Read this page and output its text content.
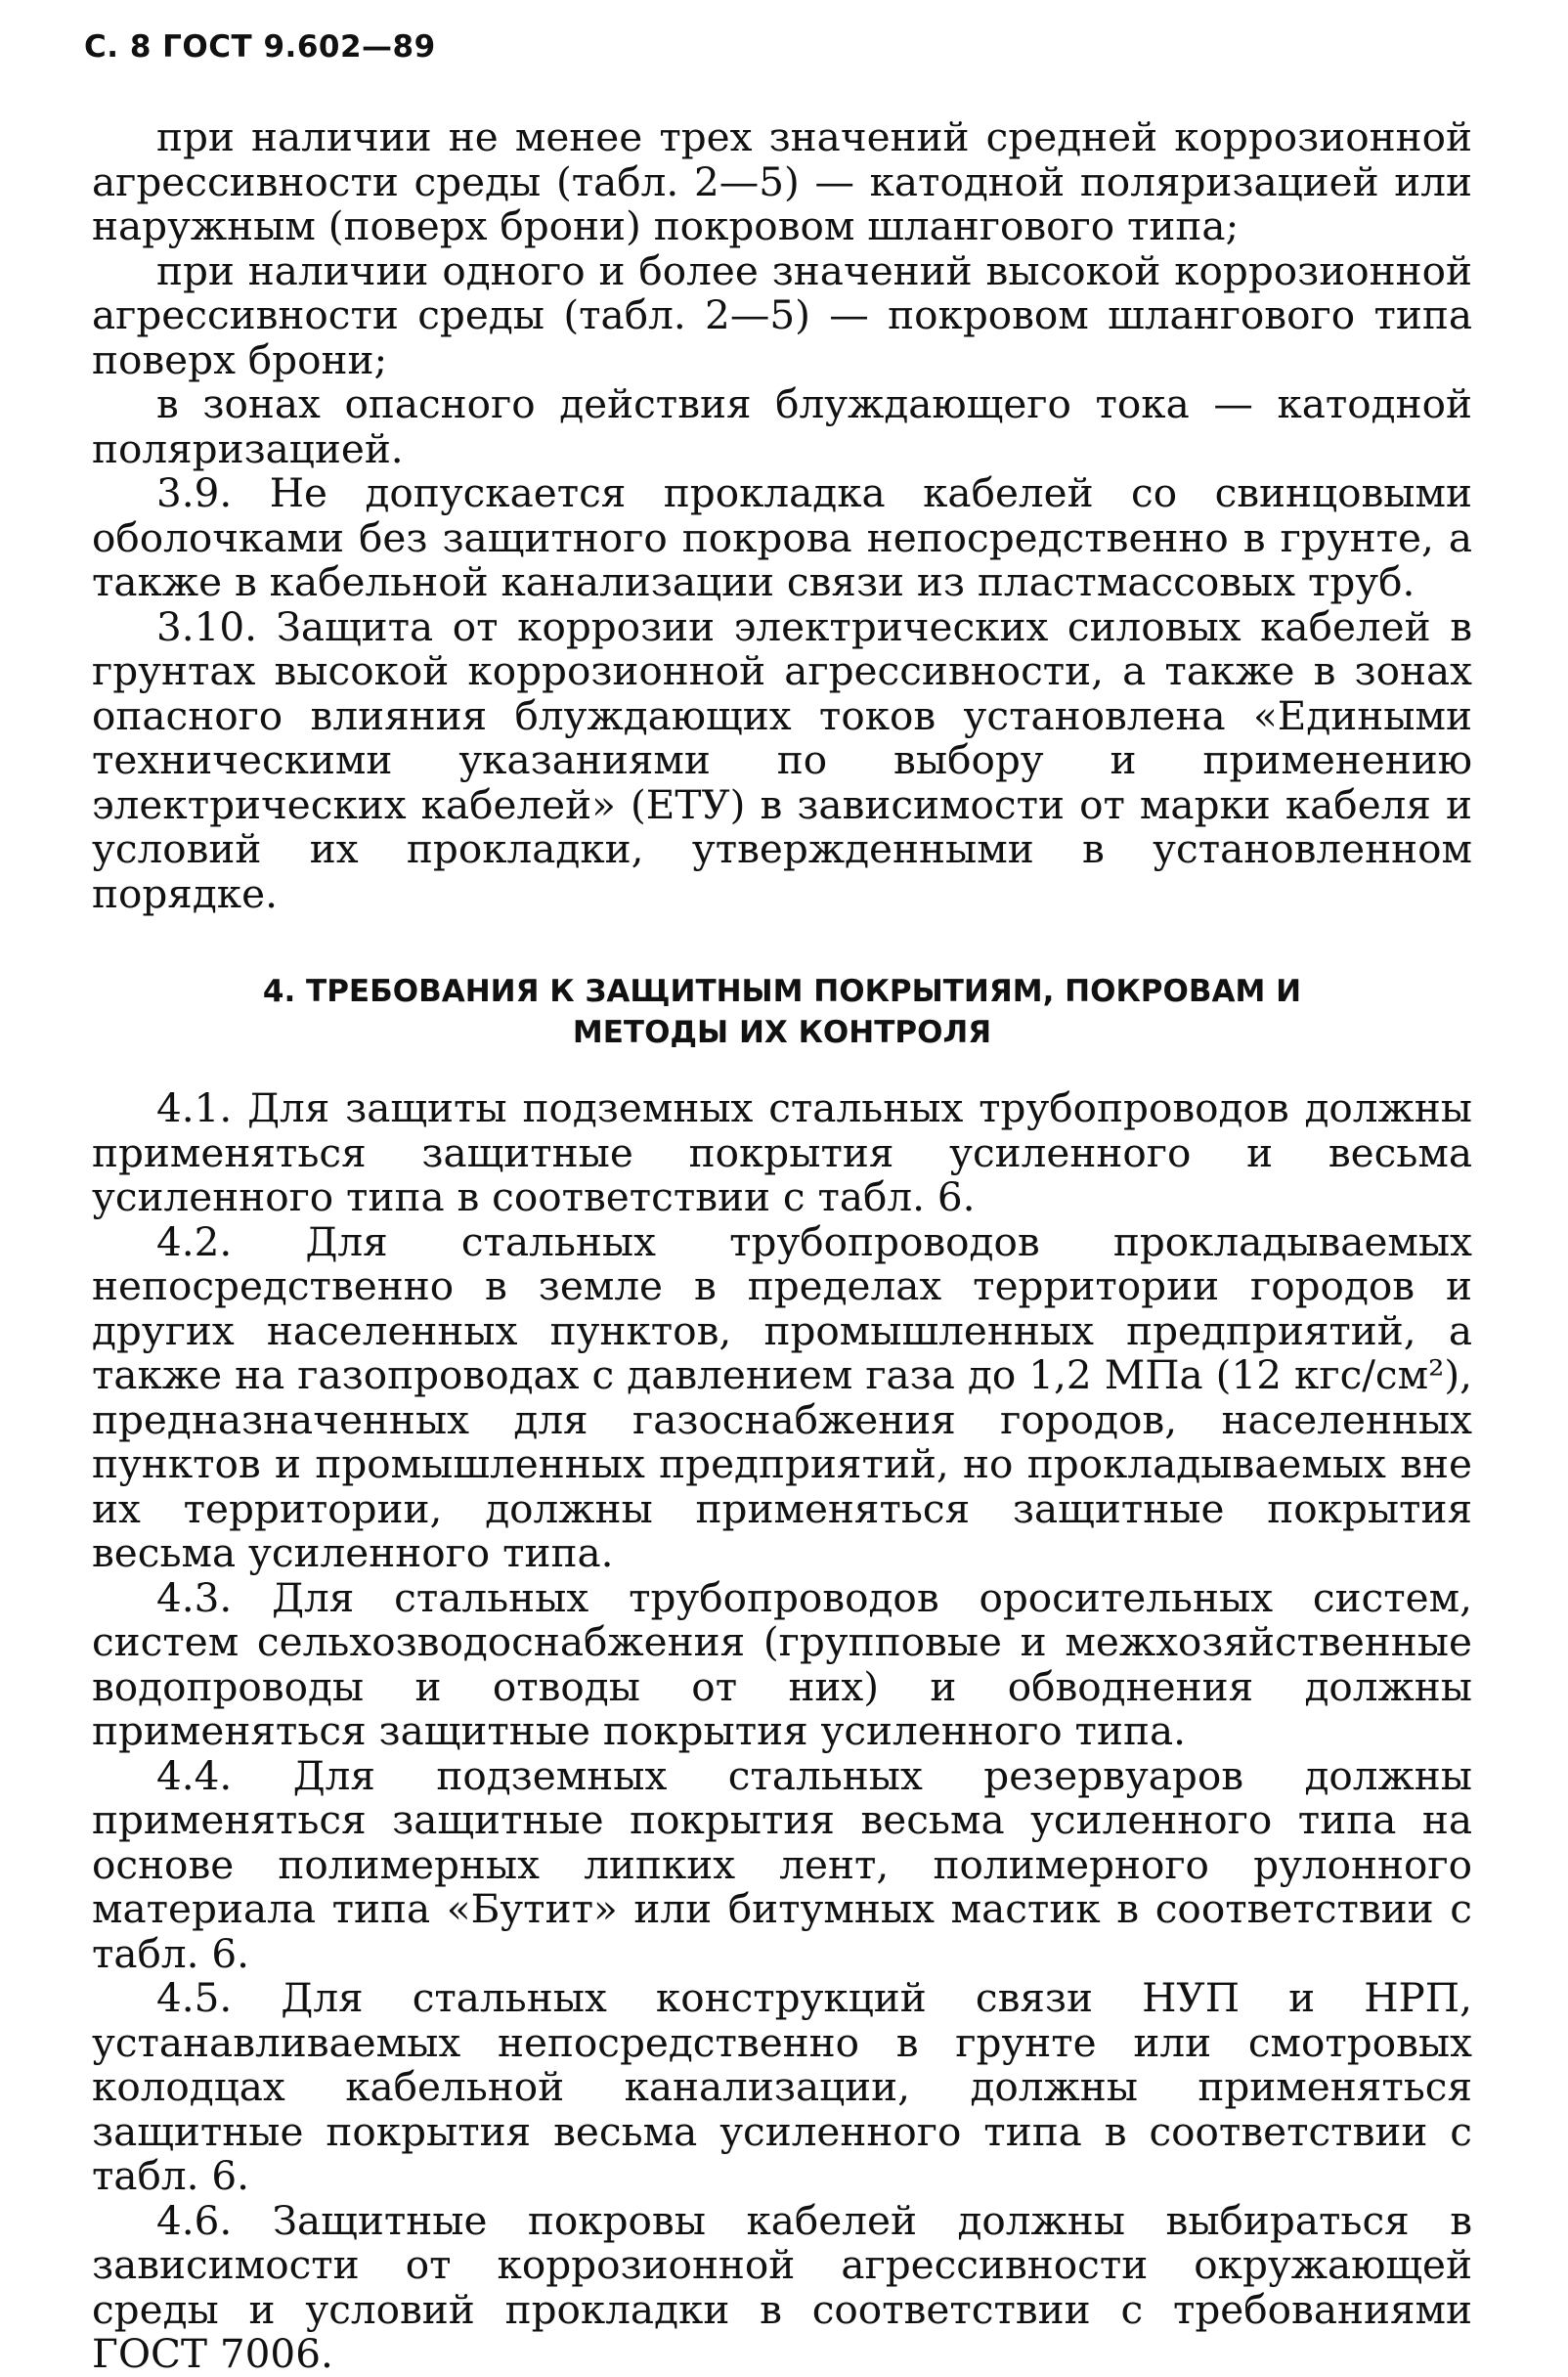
С. 8 ГОСТ 9.602—89

при наличии не менее трех значений средней коррозионной агрессивности среды (табл. 2—5) — катодной поляризацией или наружным (поверх брони) покровом шлангового типа;

при наличии одного и более значений высокой коррозионной агрессивности среды (табл. 2—5) — покровом шлангового типа поверх брони;

в зонах опасного действия блуждающего тока — катодной поляризацией.

3.9. Не допускается прокладка кабелей со свинцовыми оболочками без защитного покрова непосредственно в грунте, а также в кабельной канализации связи из пластмассовых труб.

3.10. Защита от коррозии электрических силовых кабелей в грунтах высокой коррозионной агрессивности, а также в зонах опасного влияния блуждающих токов установлена «Едиными техническими указаниями по выбору и применению электрических кабелей» (ЕТУ) в зависимости от марки кабеля и условий их прокладки, утвержденными в установленном порядке.

4. ТРЕБОВАНИЯ К ЗАЩИТНЫМ ПОКРЫТИЯМ, ПОКРОВАМ И МЕТОДЫ ИХ КОНТРОЛЯ

4.1. Для защиты подземных стальных трубопроводов должны применяться защитные покрытия усиленного и весьма усиленного типа в соответствии с табл. 6.

4.2. Для стальных трубопроводов прокладываемых непосредственно в земле в пределах территории городов и других населенных пунктов, промышленных предприятий, а также на газопроводах с давлением газа до 1,2 МПа (12 кгс/см²), предназначенных для газоснабжения городов, населенных пунктов и промышленных предприятий, но прокладываемых вне их территории, должны применяться защитные покрытия весьма усиленного типа.

4.3. Для стальных трубопроводов оросительных систем, систем сельхозводоснабжения (групповые и межхозяйственные водопроводы и отводы от них) и обводнения должны применяться защитные покрытия усиленного типа.

4.4. Для подземных стальных резервуаров должны применяться защитные покрытия весьма усиленного типа на основе полимерных липких лент, полимерного рулонного материала типа «Бутит» или битумных мастик в соответствии с табл. 6.

4.5. Для стальных конструкций связи НУП и НРП, устанавливаемых непосредственно в грунте или смотровых колодцах кабельной канализации, должны применяться защитные покрытия весьма усиленного типа в соответствии с табл. 6.

4.6. Защитные покровы кабелей должны выбираться в зависимости от коррозионной агрессивности окружающей среды и условий прокладки в соответствии с требованиями ГОСТ 7006.
